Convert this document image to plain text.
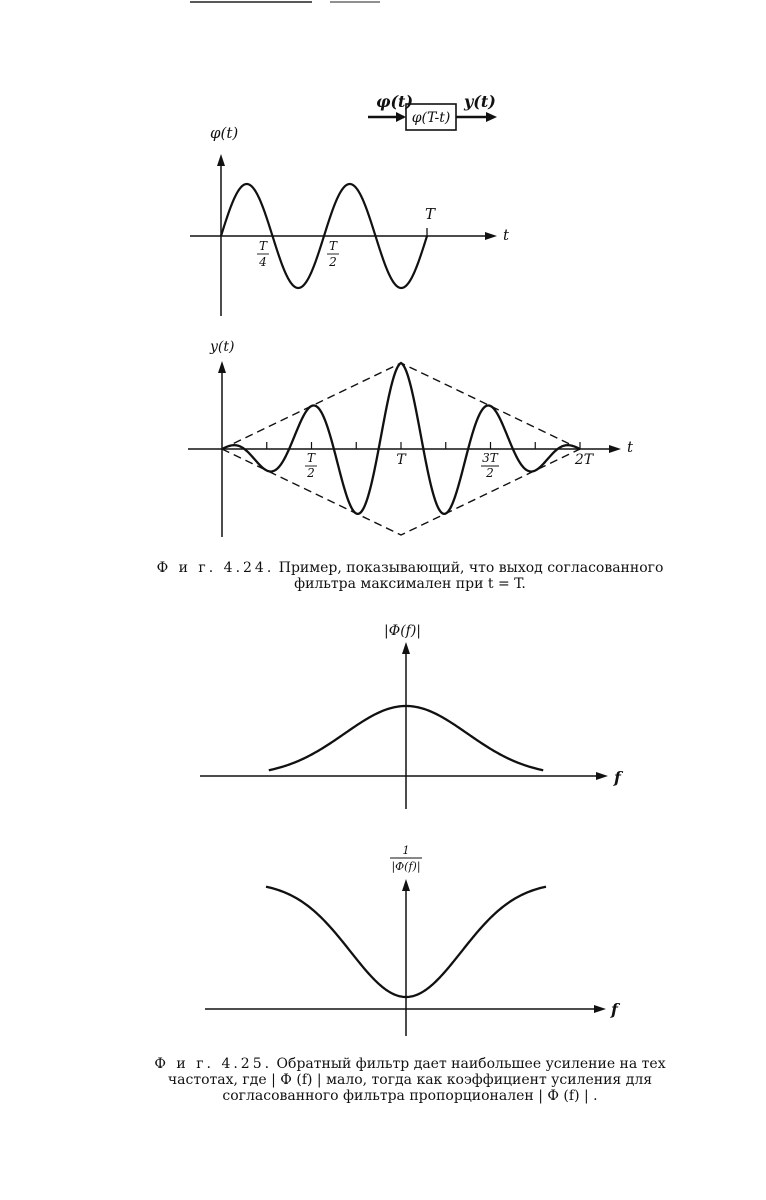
φ(t)
φ(T-t)
y(t)
φ(t)
t
T
4
T
2
T
y(t)
t
T
2
T	3T
2
2T
Ф и г. 4.24. Пример, показывающий, что выход согласованного
фильтра максимален при t = T.
|Φ(f)|
f
1
|Φ(f)|
f
Ф и г. 4.25. Обратный фильтр дает наибольшее усиление на тех
частотах, где | Ф (f) | мало, тогда как коэффициент усиления для
согласованного фильтра пропорционален | Ф (f) | .
